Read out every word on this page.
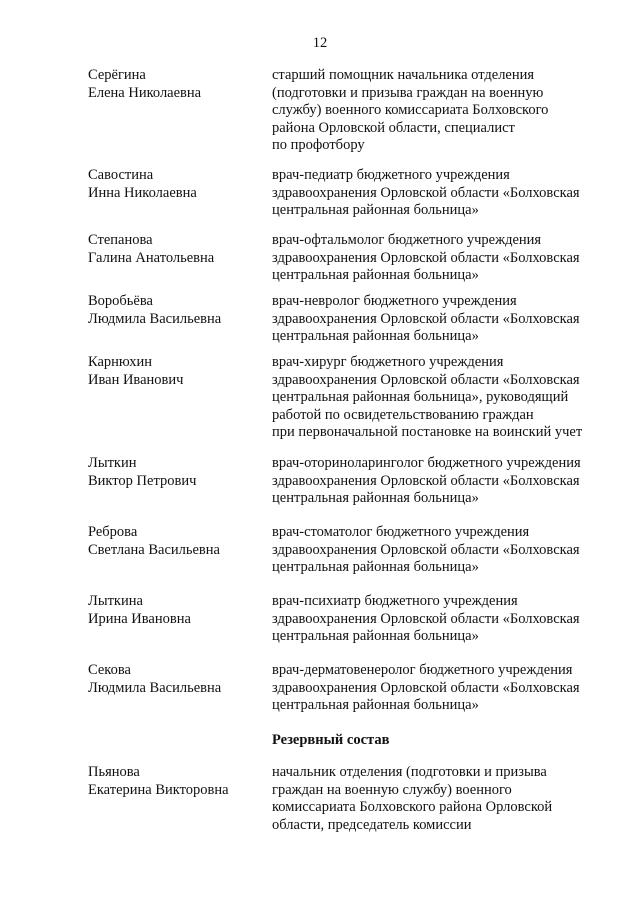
12
Серёгина
Елена Николаевна
старший помощник начальника отделения
(подготовки и призыва граждан на военную
службу) военного комиссариата Болховского
района Орловской области, специалист
по профотбору
Савостина
Инна Николаевна
врач-педиатр бюджетного учреждения
здравоохранения Орловской области «Болховская
центральная районная больница»
Степанова
Галина Анатольевна
врач-офтальмолог бюджетного учреждения
здравоохранения Орловской области «Болховская
центральная районная больница»
Воробьёва
Людмила Васильевна
врач-невролог бюджетного учреждения
здравоохранения Орловской области «Болховская
центральная районная больница»
Карнюхин
Иван Иванович
врач-хирург бюджетного учреждения
здравоохранения Орловской области «Болховская
центральная районная больница», руководящий
работой по освидетельствованию граждан
при первоначальной постановке на воинский учет
Лыткин
Виктор Петрович
врач-оториноларинголог бюджетного учреждения
здравоохранения Орловской области «Болховская
центральная районная больница»
Реброва
Светлана Васильевна
врач-стоматолог бюджетного учреждения
здравоохранения Орловской области «Болховская
центральная районная больница»
Лыткина
Ирина Ивановна
врач-психиатр бюджетного учреждения
здравоохранения Орловской области «Болховская
центральная районная больница»
Секова
Людмила Васильевна
врач-дерматовенеролог бюджетного учреждения
здравоохранения Орловской области «Болховская
центральная районная больница»
Резервный состав
Пьянова
Екатерина Викторовна
начальник отделения (подготовки и призыва
граждан на военную службу) военного
комиссариата Болховского района Орловской
области, председатель комиссии
